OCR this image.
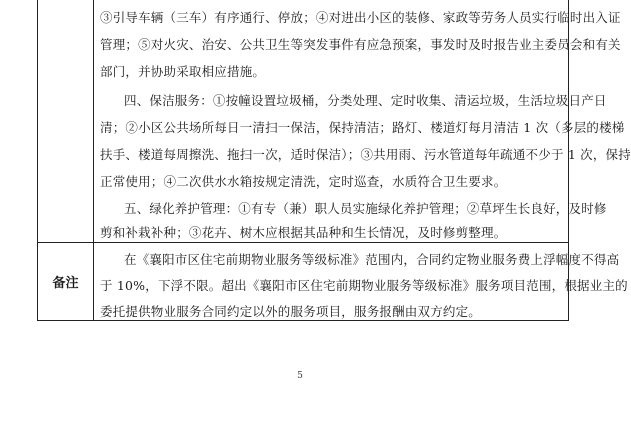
③引导车辆（三车）有序通行、停放；④对进出小区的装修、家政等劳务人员实行临时出入证
管理；⑤对火灾、治安、公共卫生等突发事件有应急预案，事发时及时报告业主委员会和有关
部门，并协助采取相应措施。
四、保洁服务：①按幢设置垃圾桶，分类处理、定时收集、清运垃圾，生活垃圾日产日
清；②小区公共场所每日一清扫一保洁，保持清洁；路灯、楼道灯每月清洁 1 次（多层的楼梯
扶手、楼道每周擦洗、拖扫一次，适时保洁）；③共用雨、污水管道每年疏通不少于 1 次，保持
正常使用；④二次供水水箱按规定清洗，定时巡查，水质符合卫生要求。
五、绿化养护管理：①有专（兼）职人员实施绿化养护管理；②草坪生长良好，及时修
剪和补栽补种；③花卉、树木应根据其品种和生长情况，及时修剪整理。
备注
在《襄阳市区住宅前期物业服务等级标准》范围内，合同约定物业服务费上浮幅度不得高
于 10%，下浮不限。超出《襄阳市区住宅前期物业服务等级标准》服务项目范围，根据业主的
委托提供物业服务合同约定以外的服务项目，服务报酬由双方约定。
5
